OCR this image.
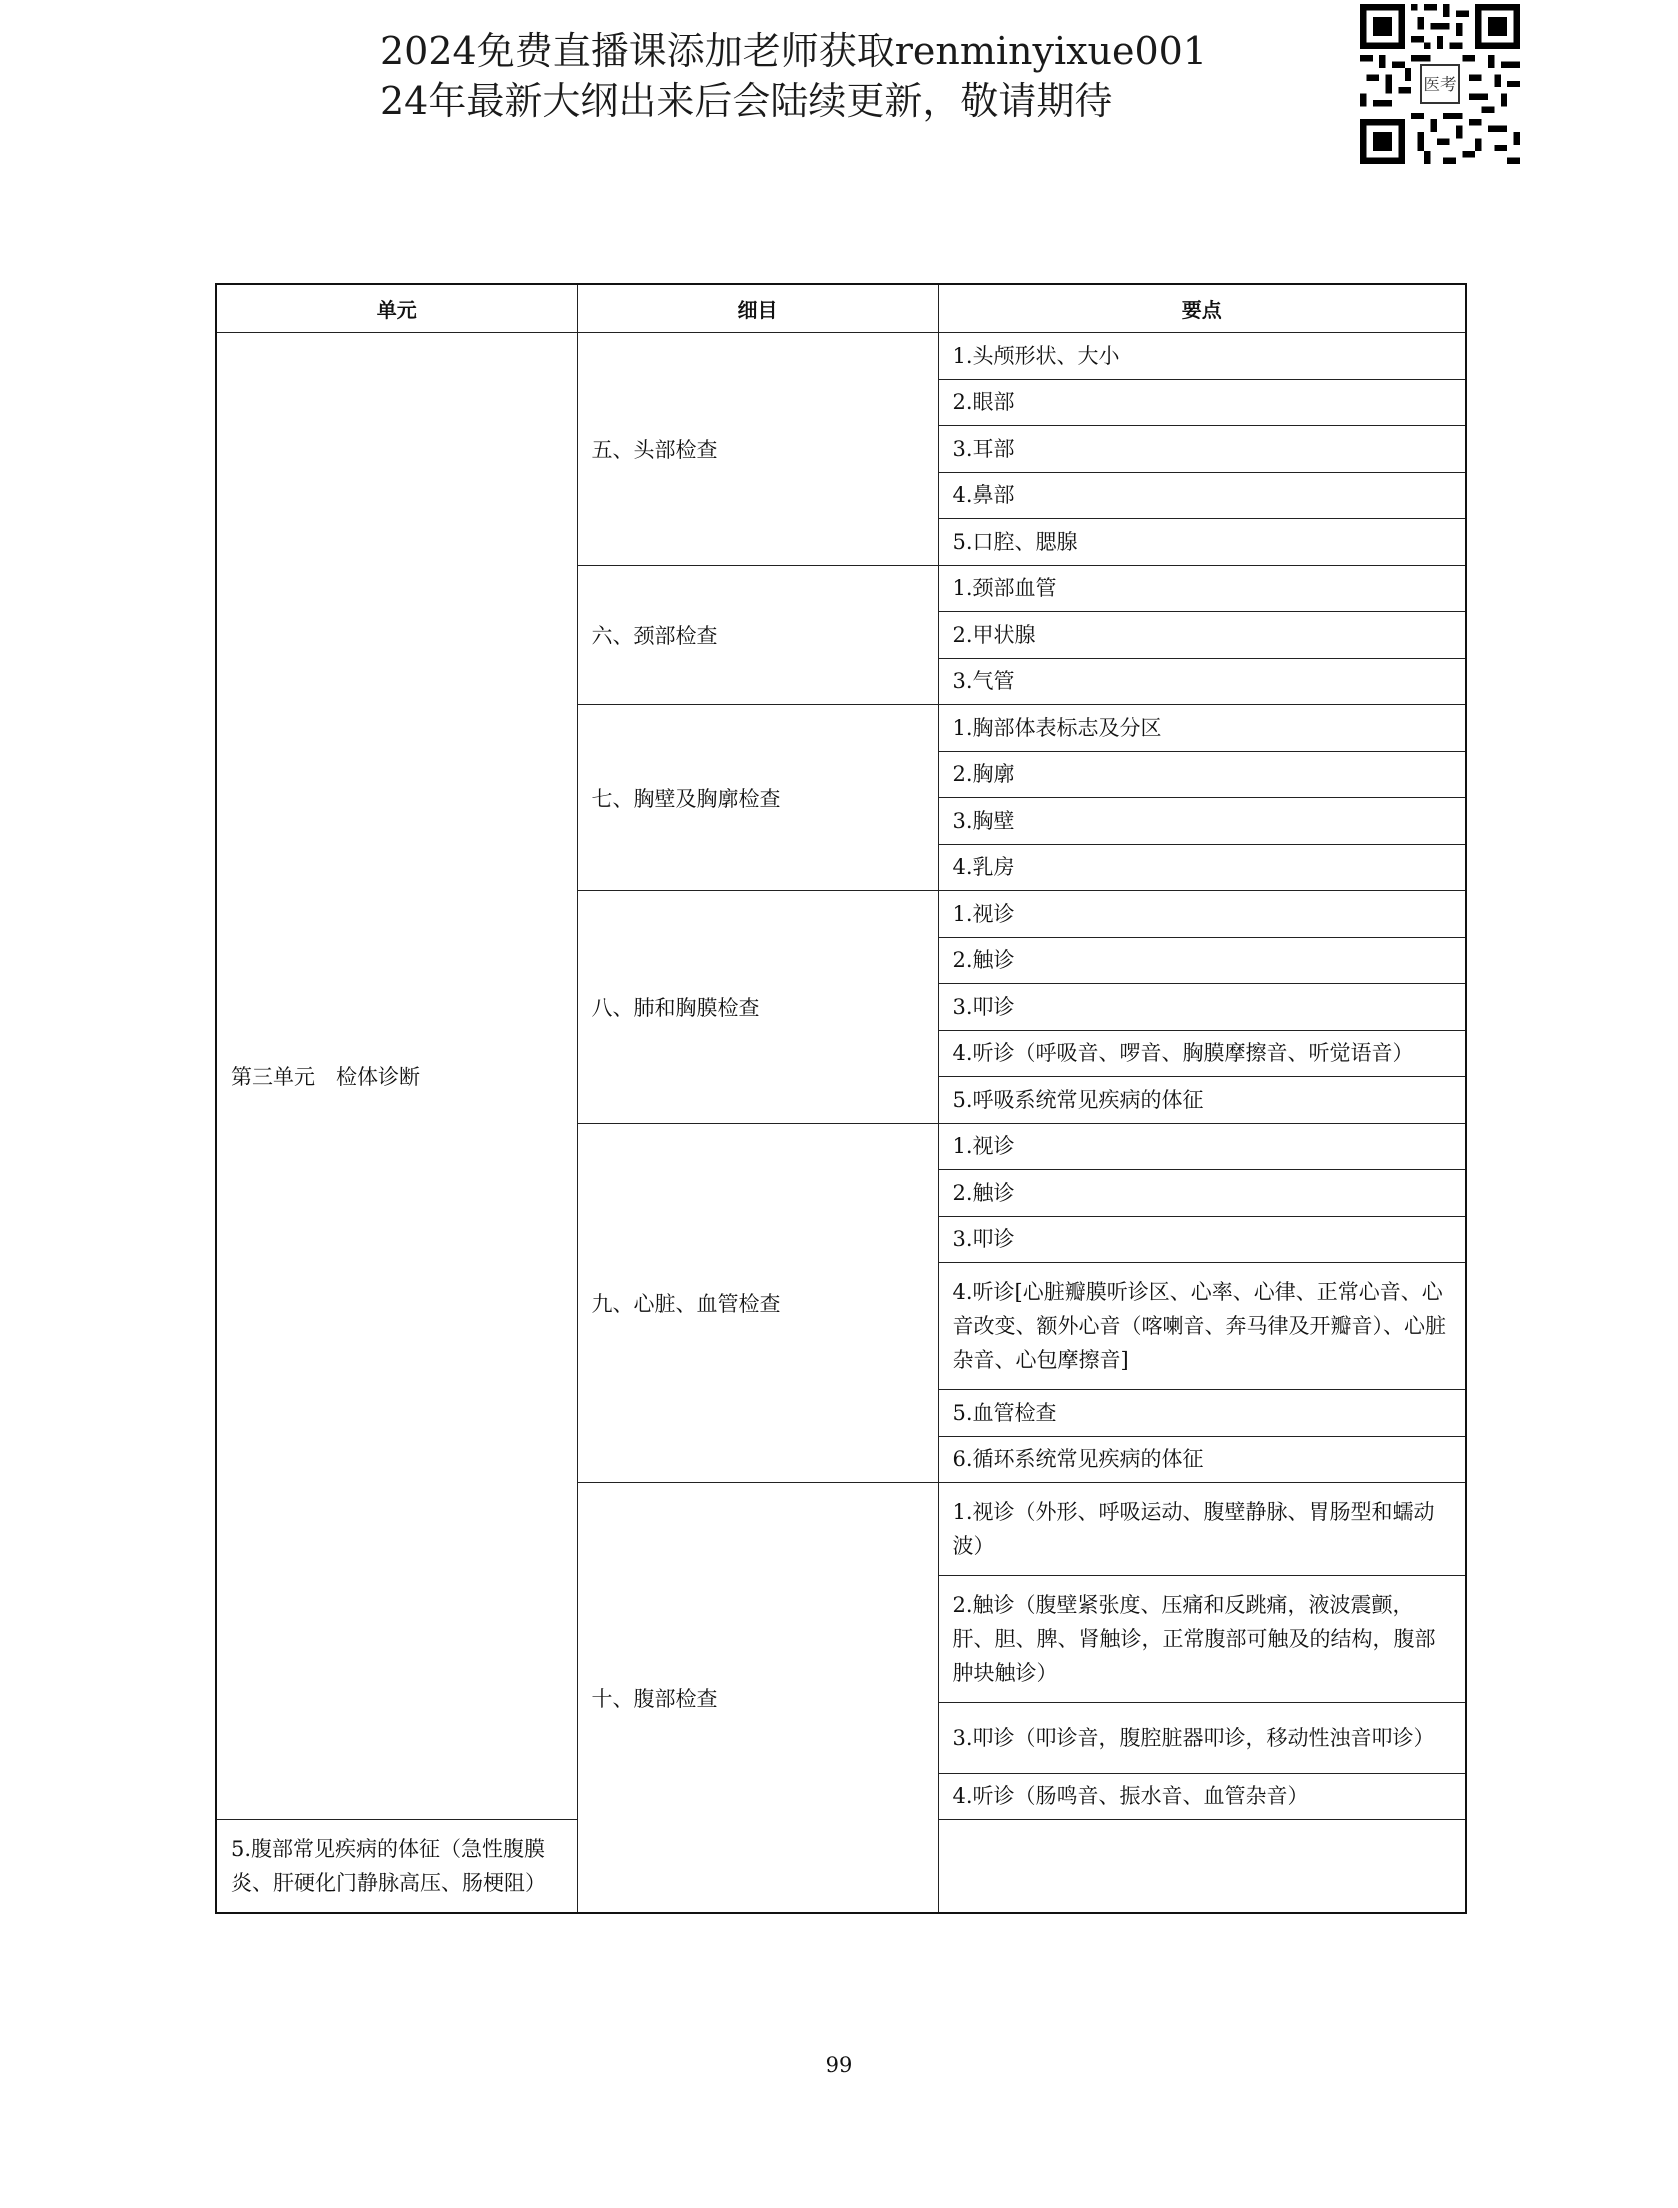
2024免费直播课添加老师获取renminyixue001
24年最新大纲出来后会陆续更新，敬请期待	医考
单元	细目	要点
第三单元　检体诊断	五、头部检查	1.头颅形状、大小
		2.眼部
		3.耳部
		4.鼻部
		5.口腔、腮腺
	六、颈部检查	1.颈部血管
		2.甲状腺
		3.气管
	七、胸壁及胸廓检查	1.胸部体表标志及分区
		2.胸廓
		3.胸壁
		4.乳房
	八、肺和胸膜检查	1.视诊
		2.触诊
		3.叩诊
		4.听诊（呼吸音、啰音、胸膜摩擦音、听觉语音）
		5.呼吸系统常见疾病的体征
	九、心脏、血管检查	1.视诊
		2.触诊
		3.叩诊
		4.听诊[心脏瓣膜听诊区、心率、心律、正常心音、心音改变、额外心音（喀喇音、奔马律及开瓣音）、心脏杂音、心包摩擦音]
		5.血管检查
		6.循环系统常见疾病的体征
	十、腹部检查	1.视诊（外形、呼吸运动、腹壁静脉、胃肠型和蠕动波）
		2.触诊（腹壁紧张度、压痛和反跳痛，液波震颤，肝、胆、脾、肾触诊，正常腹部可触及的结构，腹部肿块触诊）
		3.叩诊（叩诊音，腹腔脏器叩诊，移动性浊音叩诊）
		4.听诊（肠鸣音、振水音、血管杂音）
5.腹部常见疾病的体征（急性腹膜炎、肝硬化门静脉高压、肠梗阻）		
99
